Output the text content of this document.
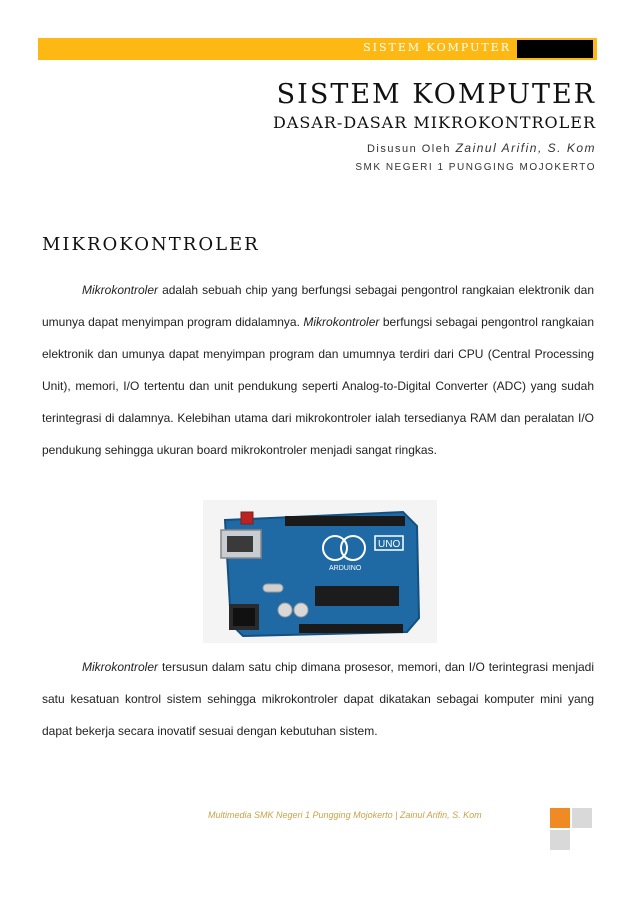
SISTEM KOMPUTER
SISTEM KOMPUTER
DASAR-DASAR MIKROKONTROLER
Disusun Oleh Zainul Arifin, S. Kom
SMK NEGERI 1 PUNGGING MOJOKERTO
MIKROKONTROLER

Mikrokontroler adalah sebuah chip yang berfungsi sebagai pengontrol rangkaian elektronik dan umunya dapat menyimpan program didalamnya. Mikrokontroler berfungsi sebagai pengontrol rangkaian elektronik dan umunya dapat menyimpan program dan umumnya terdiri dari CPU (Central Processing Unit), memori, I/O tertentu dan unit pendukung seperti Analog-to-Digital Converter (ADC) yang sudah terintegrasi di dalamnya. Kelebihan utama dari mikrokontroler ialah tersedianya RAM dan peralatan I/O pendukung sehingga ukuran board mikrokontroler menjadi sangat ringkas.

ARDUINO
UNO

Mikrokontroler tersusun dalam satu chip dimana prosesor, memori, dan I/O terintegrasi menjadi satu kesatuan kontrol sistem sehingga mikrokontroler dapat dikatakan sebagai komputer mini yang dapat bekerja secara inovatif sesuai dengan kebutuhan sistem.

Multimedia SMK Negeri 1 Pungging Mojokerto | Zainul Arifin, S. Kom
